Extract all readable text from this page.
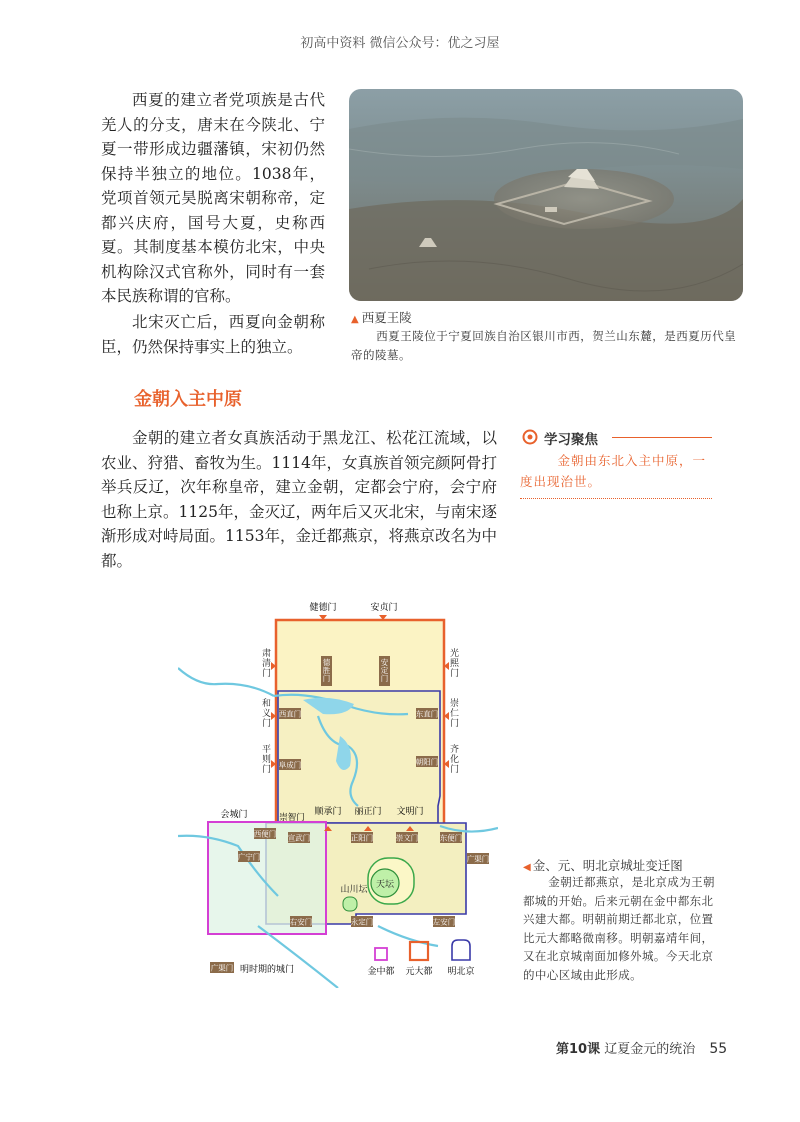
初高中资料 微信公众号：优之习屋

西夏的建立者党项族是古代羌人的分支，唐末在今陕北、宁夏一带形成边疆藩镇，宋初仍然保持半独立的地位。1038年，党项首领元昊脱离宋朝称帝，定都兴庆府，国号大夏，史称西夏。其制度基本模仿北宋，中央机构除汉式官称外，同时有一套本民族称谓的官称。

北宋灭亡后，西夏向金朝称臣，仍然保持事实上的独立。

▲ 西夏王陵

西夏王陵位于宁夏回族自治区银川市西，贺兰山东麓，是西夏历代皇帝的陵墓。

金朝入主中原

金朝的建立者女真族活动于黑龙江、松花江流域，以农业、狩猎、畜牧为生。1114年，女真族首领完颜阿骨打举兵反辽，次年称皇帝，建立金朝，定都会宁府，会宁府也称上京。1125年，金灭辽，两年后又灭北宋，与南宋逐渐形成对峙局面。1153年，金迁都燕京，将燕京改名为中都。

学习聚焦

金朝由东北入主中原，一度出现治世。

天坛
山川坛
健德门	安贞门
肃清门
和义门
平则门
光熙门
崇仁门
齐化门
顺承门 丽正门 文明门
会城门	崇智门
德胜门
安定门
西直门	东直门
阜成门	朝阳门
西便门 宣武门	正阳门	崇文门	东便门
广宁门	广渠门
右安门	永定门	左安门
广渠门 明时期的城门	金中都 元大都 明北京
◀ 金、元、明北京城址变迁图

金朝迁都燕京，是北京成为王朝都城的开始。后来元朝在金中都东北兴建大都。明朝前期迁都北京，位置比元大都略微南移。明朝嘉靖年间，又在北京城南面加修外城。今天北京的中心区域由此形成。

第10课 辽夏金元的统治 55
